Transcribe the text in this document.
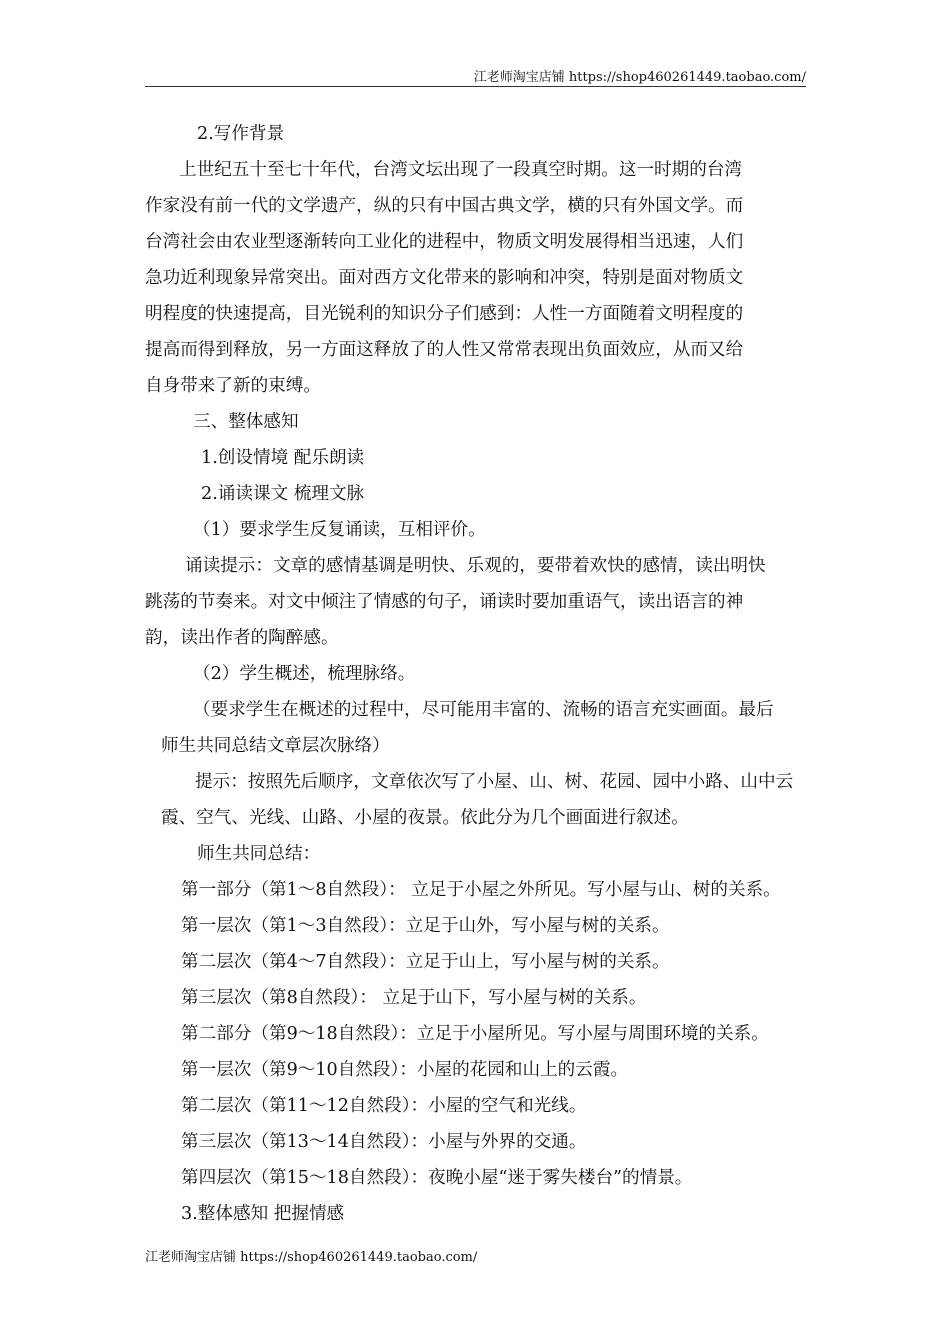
江老师淘宝店铺 https://shop460261449.taobao.com/
2.写作背景
上世纪五十至七十年代，台湾文坛出现了一段真空时期。这一时期的台湾
作家没有前一代的文学遗产，纵的只有中国古典文学，横的只有外国文学。而
台湾社会由农业型逐渐转向工业化的进程中，物质文明发展得相当迅速，人们
急功近利现象异常突出。面对西方文化带来的影响和冲突，特别是面对物质文
明程度的快速提高，目光锐利的知识分子们感到：人性一方面随着文明程度的
提高而得到释放，另一方面这释放了的人性又常常表现出负面效应，从而又给
自身带来了新的束缚。
三、整体感知
1.创设情境 配乐朗读
2.诵读课文 梳理文脉
（1）要求学生反复诵读，互相评价。
诵读提示：文章的感情基调是明快、乐观的，要带着欢快的感情，读出明快
跳荡的节奏来。对文中倾注了情感的句子，诵读时要加重语气，读出语言的神
韵，读出作者的陶醉感。
（2）学生概述，梳理脉络。
（要求学生在概述的过程中，尽可能用丰富的、流畅的语言充实画面。最后
师生共同总结文章层次脉络）
提示：按照先后顺序，文章依次写了小屋、山、树、花园、园中小路、山中云
霞、空气、光线、山路、小屋的夜景。依此分为几个画面进行叙述。
师生共同总结：
第一部分（第1～8自然段）： 立足于小屋之外所见。写小屋与山、树的关系。
第一层次（第1～3自然段）：立足于山外，写小屋与树的关系。
第二层次（第4～7自然段）：立足于山上，写小屋与树的关系。
第三层次（第8自然段）： 立足于山下，写小屋与树的关系。
第二部分（第9～18自然段）：立足于小屋所见。写小屋与周围环境的关系。
第一层次（第9～10自然段）：小屋的花园和山上的云霞。
第二层次（第11～12自然段）：小屋的空气和光线。
第三层次（第13～14自然段）：小屋与外界的交通。
第四层次（第15～18自然段）：夜晚小屋“迷于雾失楼台”的情景。
3.整体感知 把握情感
江老师淘宝店铺 https://shop460261449.taobao.com/
